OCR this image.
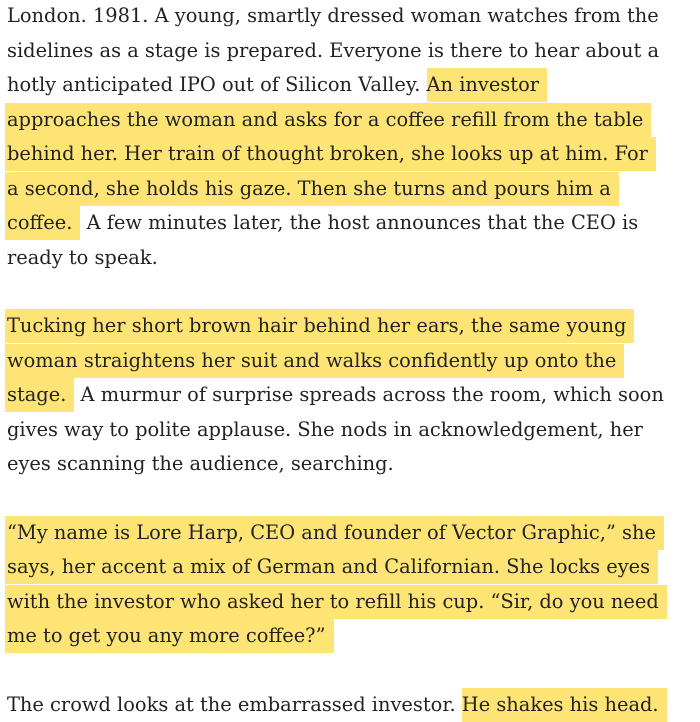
London. 1981. A young, smartly dressed woman watches from the
sidelines as a stage is prepared. Everyone is there to hear about a
hotly anticipated IPO out of Silicon Valley. An investor
approaches the woman and asks for a coffee refill from the table
behind her. Her train of thought broken, she looks up at him. For
a second, she holds his gaze. Then she turns and pours him a
coffee. A few minutes later, the host announces that the CEO is
ready to speak.
Tucking her short brown hair behind her ears, the same young
woman straightens her suit and walks confidently up onto the
stage. A murmur of surprise spreads across the room, which soon
gives way to polite applause. She nods in acknowledgement, her
eyes scanning the audience, searching.
“My name is Lore Harp, CEO and founder of Vector Graphic,” she
says, her accent a mix of German and Californian. She locks eyes
with the investor who asked her to refill his cup. “Sir, do you need
me to get you any more coffee?”
The crowd looks at the embarrassed investor. He shakes his head.
